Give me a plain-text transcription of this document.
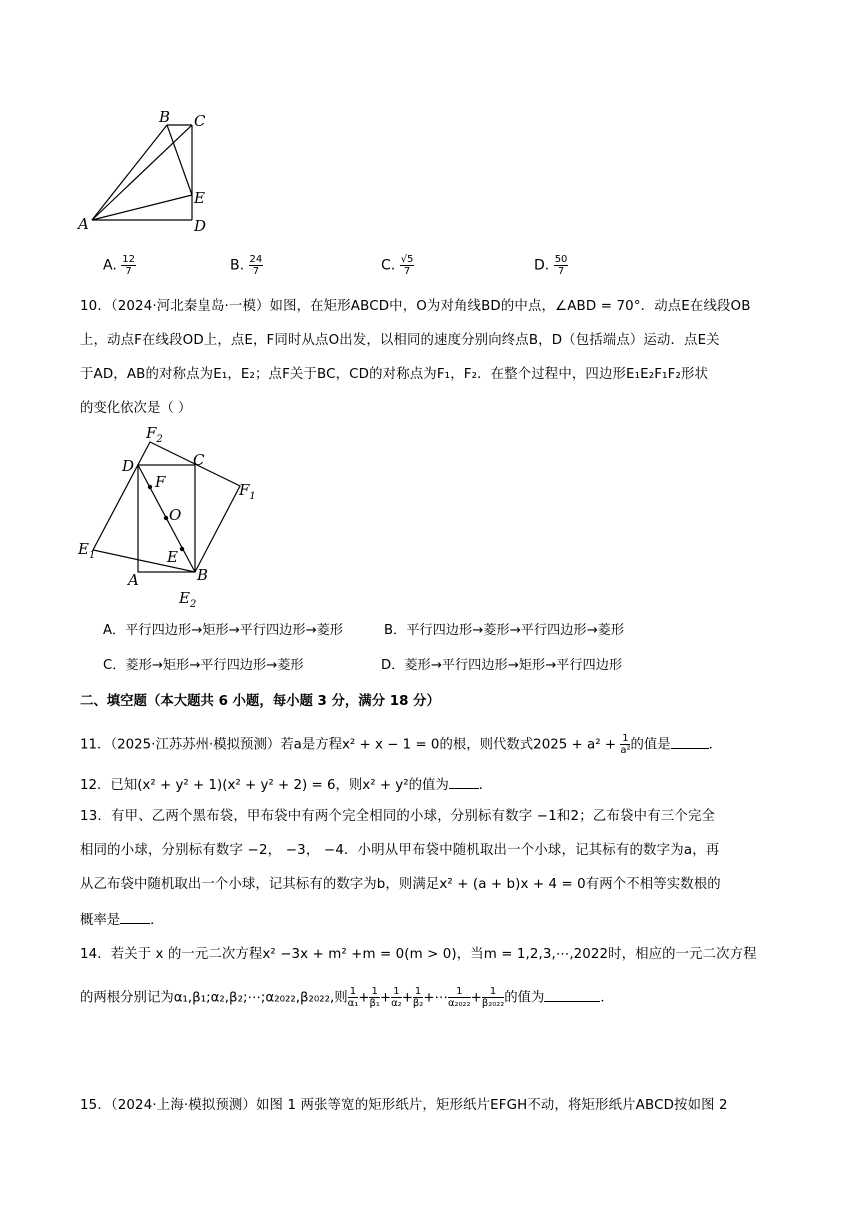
B C
E
A	D
A. $\frac{12}{7}$	B. $\frac{24}{7}$	C. $\frac{√5}{7}$	D. $\frac{50}{7}$
10．（2024·河北秦皇岛·一模）如图，在矩形ABCD中，O为对角线BD的中点，∠ABD = 70°．动点E在线段OB
上，动点F在线段OD上，点E，F同时从点O出发，以相同的速度分别向终点B，D（包括端点）运动．点E关
于AD，AB的对称点为E₁，E₂；点F关于BC，CD的对称点为F₁，F₂．在整个过程中，四边形E₁E₂F₁F₂形状
的变化依次是（ ）
$F_2$
D	C
$F_1$
F
O
$E_1$	E
A	B
$E_2$
A．平行四边形→矩形→平行四边形→菱形	B．平行四边形→菱形→平行四边形→菱形
C．菱形→矩形→平行四边形→菱形	D．菱形→平行四边形→矩形→平行四边形
二、填空题（本大题共 6 小题，每小题 3 分，满分 18 分）
11．（2025·江苏苏州·模拟预测）若a是方程x² + x − 1 = 0的根，则代数式$2025 + a^2 + \frac{1}{\text{a²}}$ 的值是	．
12．已知(x² + y² + 1)(x² + y² + 2) = 6，则x² + y²的值为 ．
13．有甲、乙两个黑布袋，甲布袋中有两个完全相同的小球，分别标有数字 −1和2；乙布袋中有三个完全
相同的小球，分别标有数字 −2， −3， −4．小明从甲布袋中随机取出一个小球，记其标有的数字为a，再
从乙布袋中随机取出一个小球，记其标有的数字为b，则满足x² + (a + b)x + 4 = 0有两个不相等实数根的
概率是 ．
14．若关于 x 的一元二次方程x² −3x + m² +m = 0(m > 0)，当m = 1,2,3,⋯,2022时，相应的一元二次方程
的两根分别记为α₁,β₁;α₂,β₂;⋯;α₂₀₂₂,β₂₀₂₂,则 $\frac{1}{\text{α₁}} + \frac{1}{\text{β₁}} + \frac{1}{\text{α₂}} + \frac{1}{\text{β₂}}$ +⋯ $\frac{1}{\text{α₂₀₂₂}} + \frac{1}{\text{β₂₀₂₂}}$ 的值为	．
15．（2024·上海·模拟预测）如图 1 两张等宽的矩形纸片，矩形纸片EFGH不动，将矩形纸片ABCD按如图 2
